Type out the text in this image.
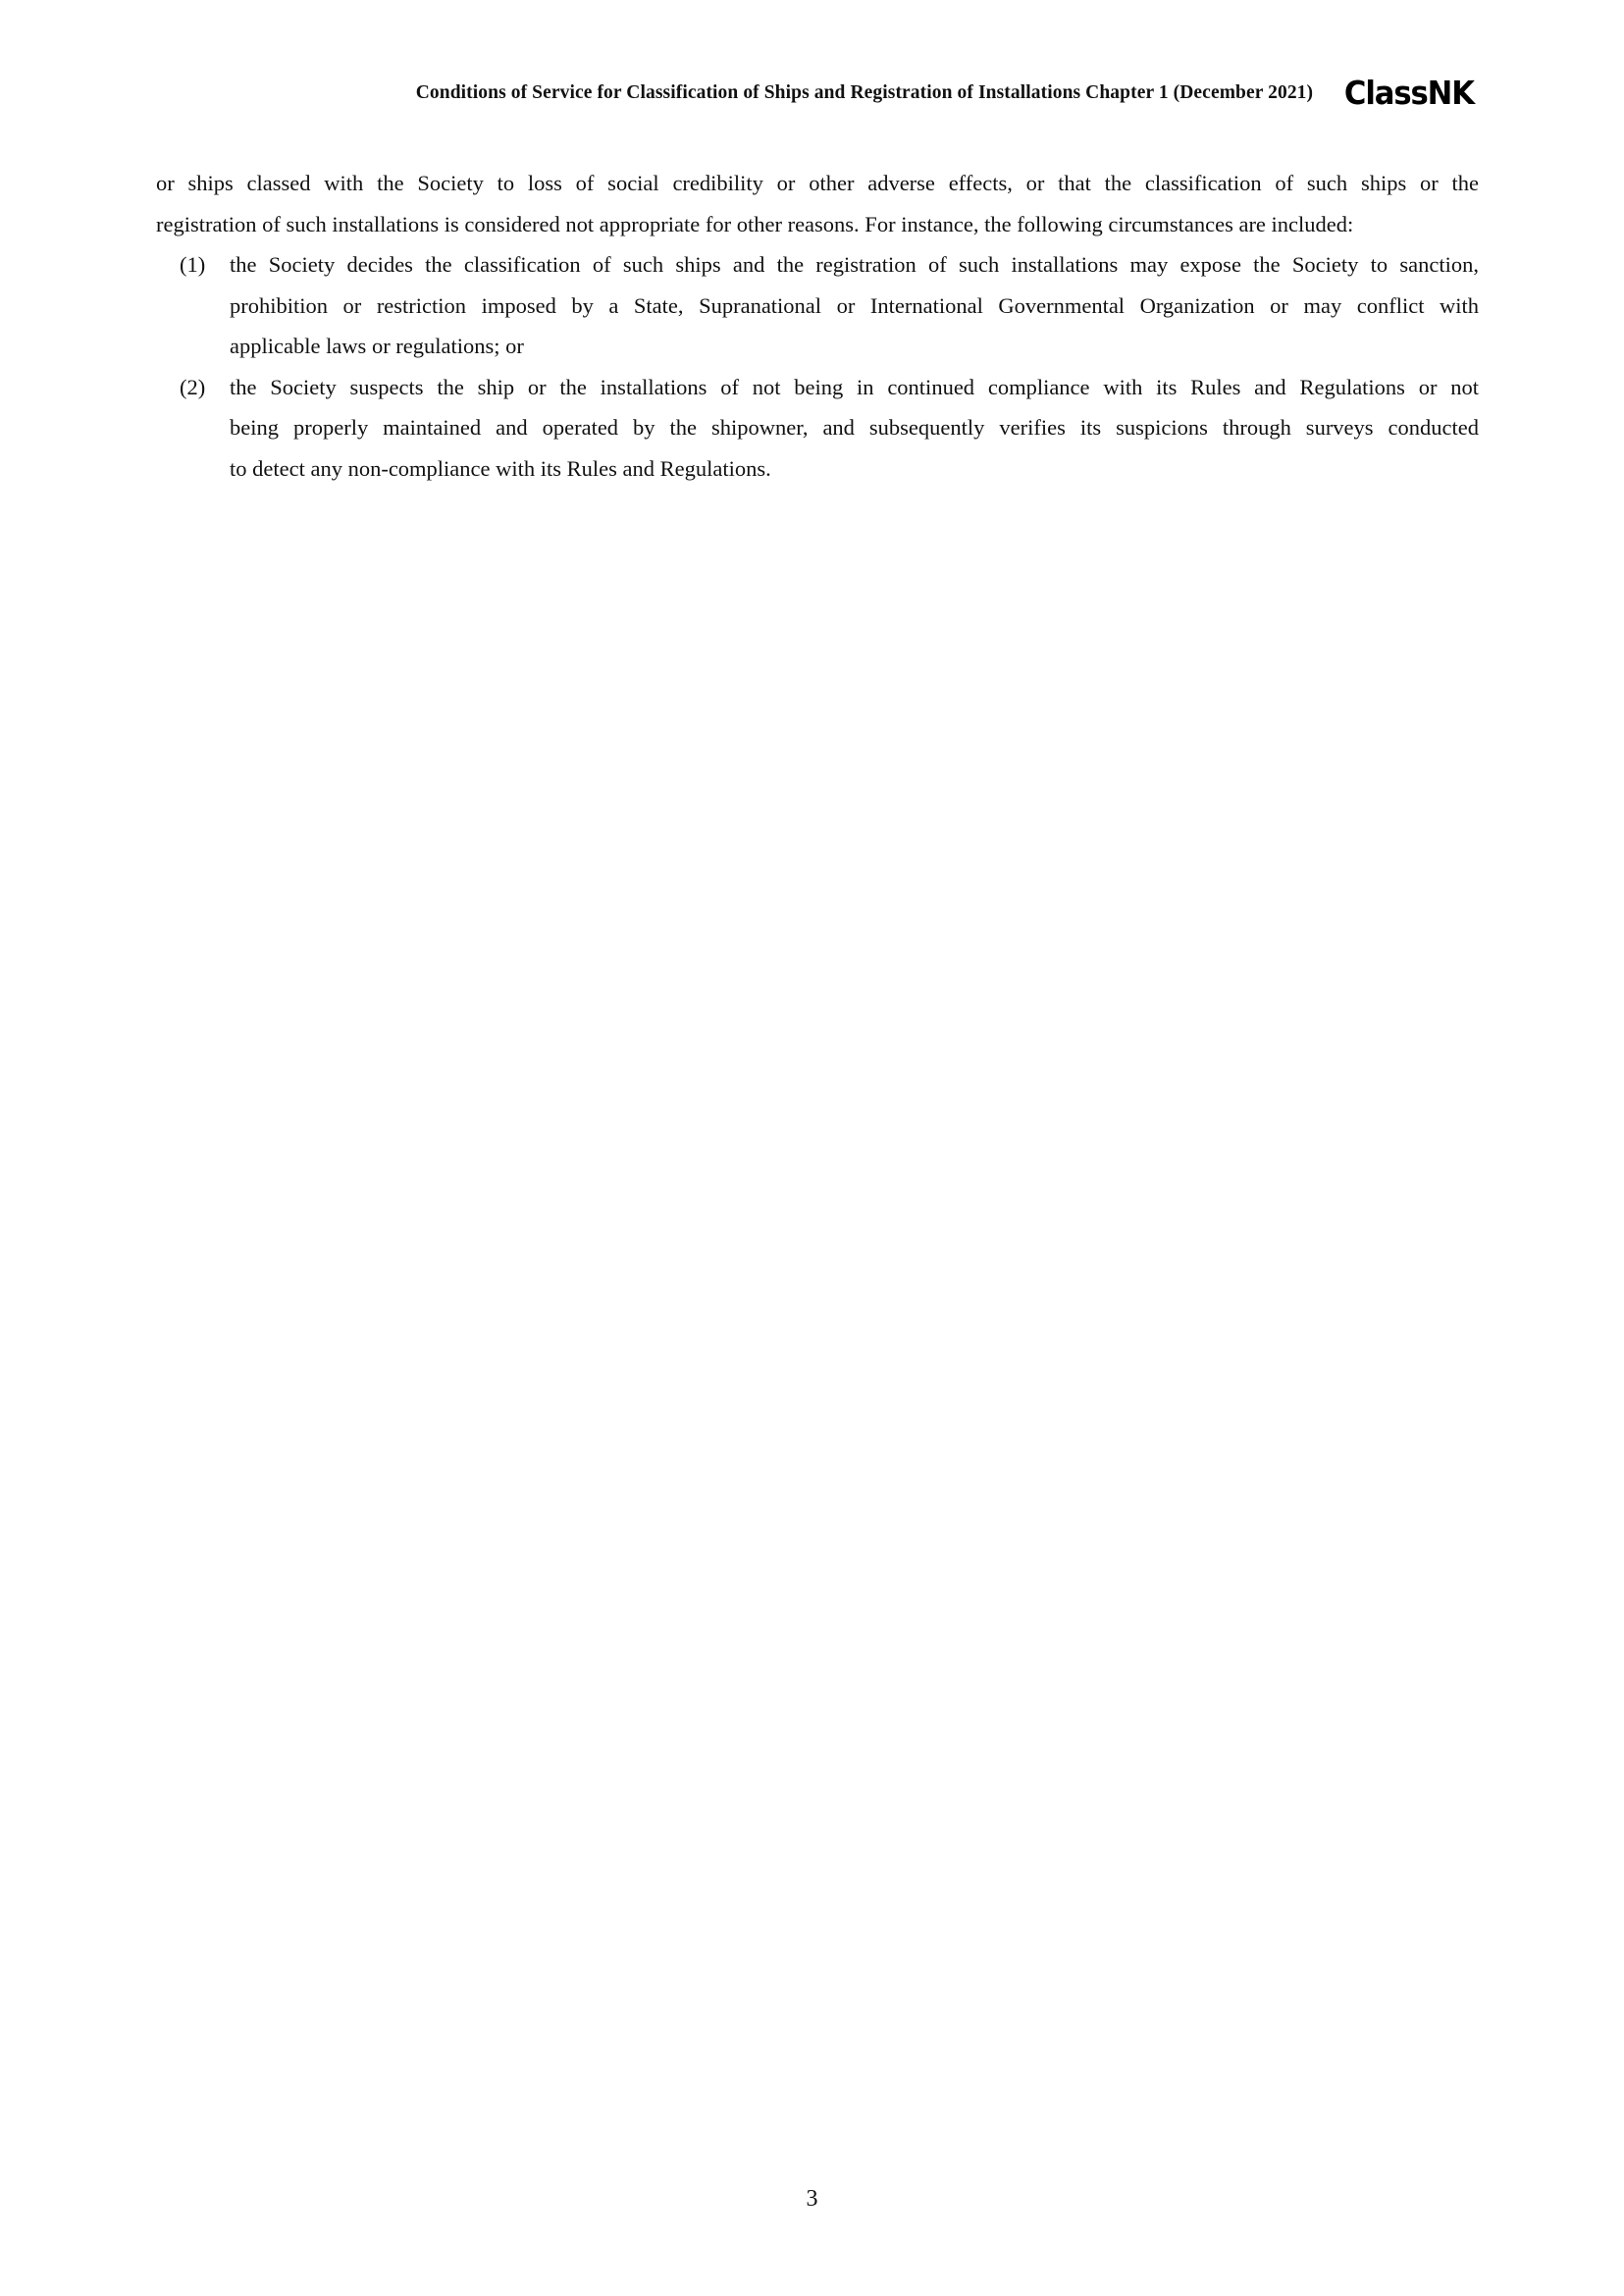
Conditions of Service for Classification of Ships and Registration of Installations Chapter 1 (December 2021) ClassNK

or ships classed with the Society to loss of social credibility or other adverse effects, or that the classification of such ships or the
registration of such installations is considered not appropriate for other reasons. For instance, the following circumstances are included:

(1) the Society decides the classification of such ships and the registration of such installations may expose the Society to sanction,
prohibition or restriction imposed by a State, Supranational or International Governmental Organization or may conflict with
applicable laws or regulations; or
(2) the Society suspects the ship or the installations of not being in continued compliance with its Rules and Regulations or not
being properly maintained and operated by the shipowner, and subsequently verifies its suspicions through surveys conducted
to detect any non-compliance with its Rules and Regulations.
3
